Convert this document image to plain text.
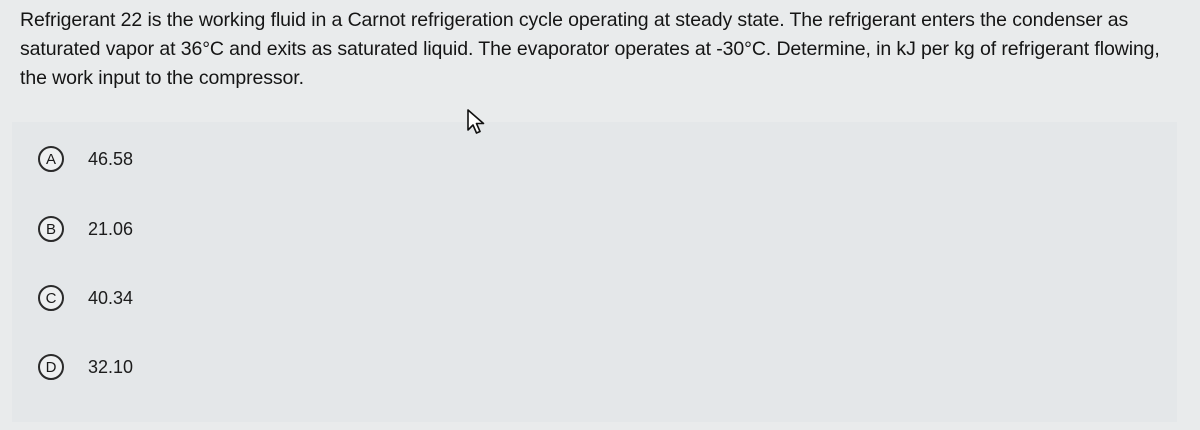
Refrigerant 22 is the working fluid in a Carnot refrigeration cycle operating at steady state. The refrigerant enters the condenser as saturated vapor at 36°C and exits as saturated liquid. The evaporator operates at -30°C. Determine, in kJ per kg of refrigerant flowing, the work input to the compressor.

A	46.58
B	21.06
C	40.34
D	32.10
